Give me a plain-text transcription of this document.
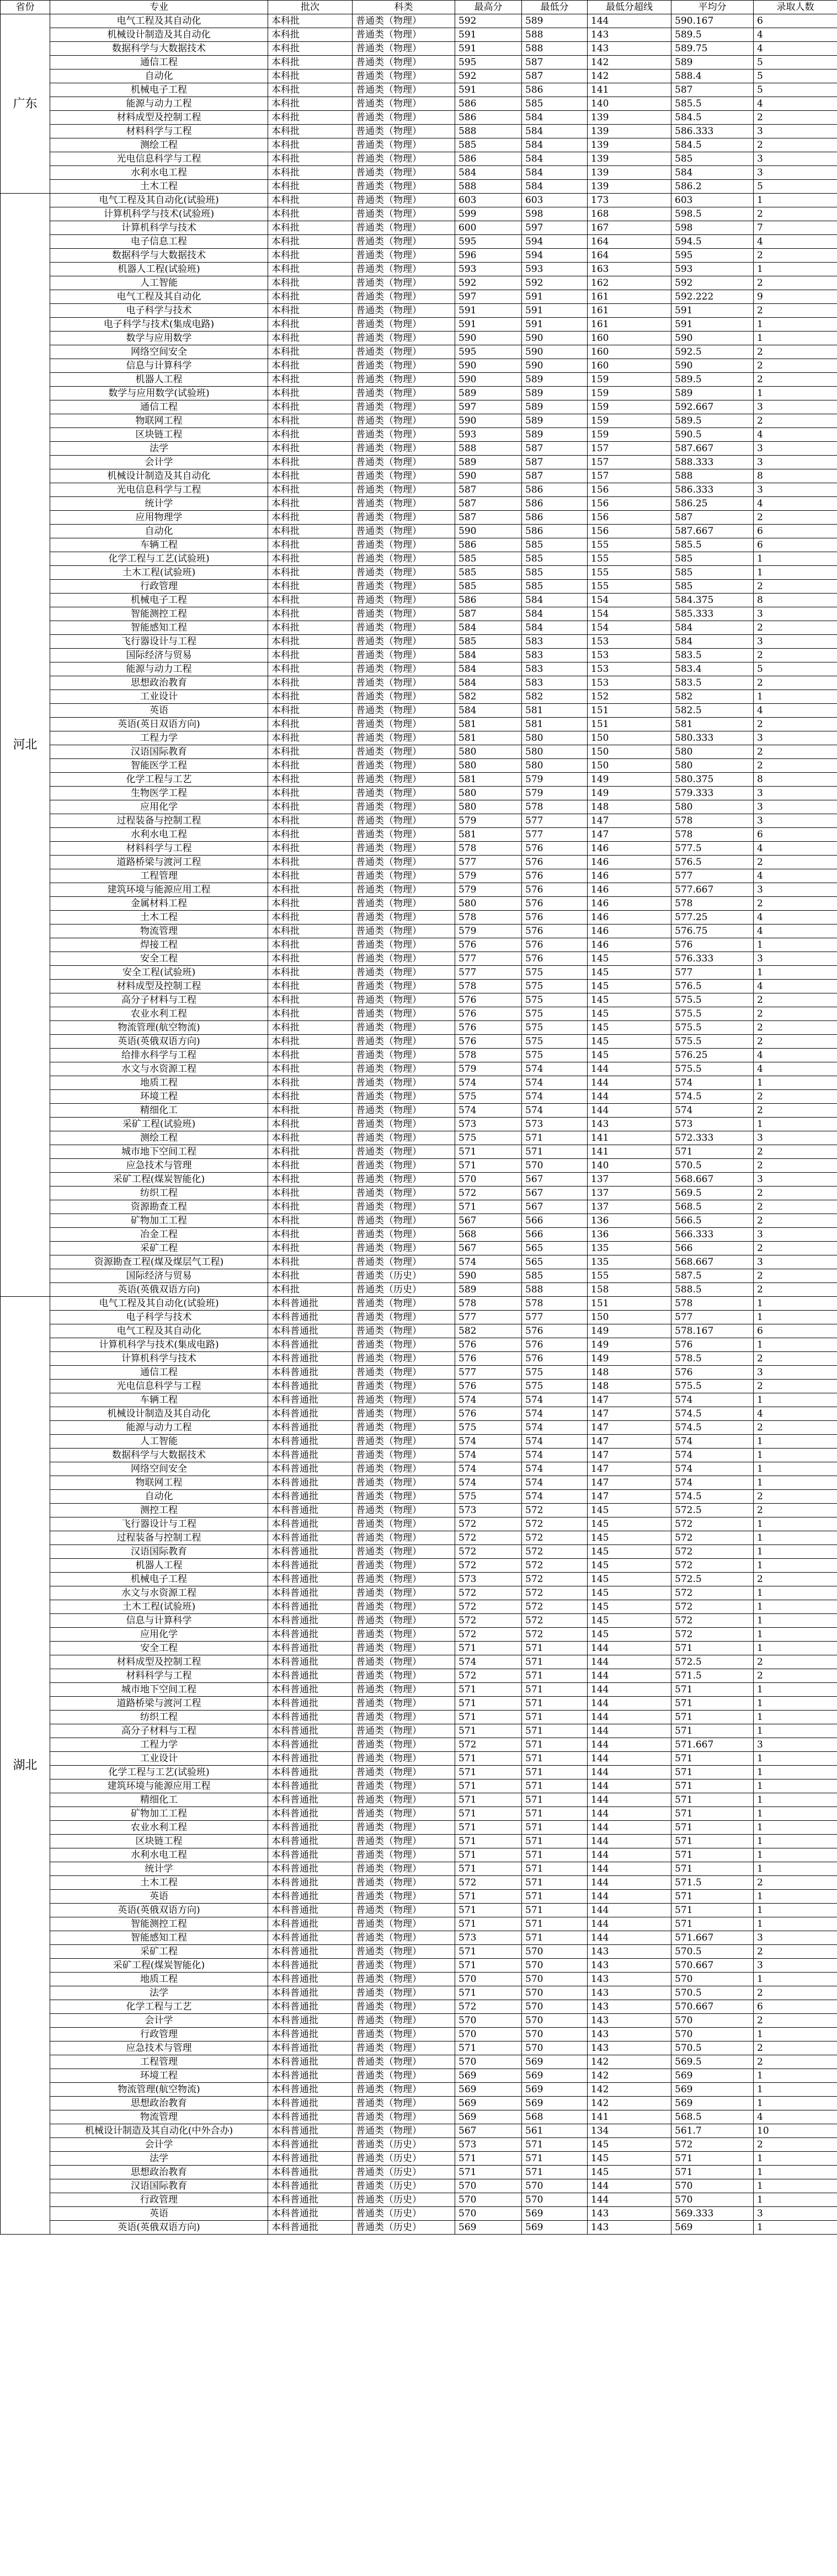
省份	专业	批次	科类	最高分	最低分	最低分超线	平均分	录取人数
广东	电气工程及其自动化	本科批	普通类（物理）	592	589	144	590.167	6
	机械设计制造及其自动化	本科批	普通类（物理）	591	588	143	589.5	4
	数据科学与大数据技术	本科批	普通类（物理）	591	588	143	589.75	4
	通信工程	本科批	普通类（物理）	595	587	142	589	5
	自动化	本科批	普通类（物理）	592	587	142	588.4	5
	机械电子工程	本科批	普通类（物理）	591	586	141	587	5
	能源与动力工程	本科批	普通类（物理）	586	585	140	585.5	4
	材料成型及控制工程	本科批	普通类（物理）	586	584	139	584.5	2
	材料科学与工程	本科批	普通类（物理）	588	584	139	586.333	3
	测绘工程	本科批	普通类（物理）	585	584	139	584.5	2
	光电信息科学与工程	本科批	普通类（物理）	586	584	139	585	3
	水利水电工程	本科批	普通类（物理）	584	584	139	584	3
	土木工程	本科批	普通类（物理）	588	584	139	586.2	5
河北	电气工程及其自动化(试验班)	本科批	普通类（物理）	603	603	173	603	1
	计算机科学与技术(试验班)	本科批	普通类（物理）	599	598	168	598.5	2
	计算机科学与技术	本科批	普通类（物理）	600	597	167	598	7
	电子信息工程	本科批	普通类（物理）	595	594	164	594.5	4
	数据科学与大数据技术	本科批	普通类（物理）	596	594	164	595	2
	机器人工程(试验班)	本科批	普通类（物理）	593	593	163	593	1
	人工智能	本科批	普通类（物理）	592	592	162	592	2
	电气工程及其自动化	本科批	普通类（物理）	597	591	161	592.222	9
	电子科学与技术	本科批	普通类（物理）	591	591	161	591	2
	电子科学与技术(集成电路)	本科批	普通类（物理）	591	591	161	591	1
	数学与应用数学	本科批	普通类（物理）	590	590	160	590	1
	网络空间安全	本科批	普通类（物理）	595	590	160	592.5	2
	信息与计算科学	本科批	普通类（物理）	590	590	160	590	2
	机器人工程	本科批	普通类（物理）	590	589	159	589.5	2
	数学与应用数学(试验班)	本科批	普通类（物理）	589	589	159	589	1
	通信工程	本科批	普通类（物理）	597	589	159	592.667	3
	物联网工程	本科批	普通类（物理）	590	589	159	589.5	2
	区块链工程	本科批	普通类（物理）	593	589	159	590.5	4
	法学	本科批	普通类（物理）	588	587	157	587.667	3
	会计学	本科批	普通类（物理）	589	587	157	588.333	3
	机械设计制造及其自动化	本科批	普通类（物理）	590	587	157	588	8
	光电信息科学与工程	本科批	普通类（物理）	587	586	156	586.333	3
	统计学	本科批	普通类（物理）	587	586	156	586.25	4
	应用物理学	本科批	普通类（物理）	587	586	156	587	2
	自动化	本科批	普通类（物理）	590	586	156	587.667	6
	车辆工程	本科批	普通类（物理）	586	585	155	585.5	6
	化学工程与工艺(试验班)	本科批	普通类（物理）	585	585	155	585	1
	土木工程(试验班)	本科批	普通类（物理）	585	585	155	585	1
	行政管理	本科批	普通类（物理）	585	585	155	585	2
	机械电子工程	本科批	普通类（物理）	586	584	154	584.375	8
	智能测控工程	本科批	普通类（物理）	587	584	154	585.333	3
	智能感知工程	本科批	普通类（物理）	584	584	154	584	2
	飞行器设计与工程	本科批	普通类（物理）	585	583	153	584	3
	国际经济与贸易	本科批	普通类（物理）	584	583	153	583.5	2
	能源与动力工程	本科批	普通类（物理）	584	583	153	583.4	5
	思想政治教育	本科批	普通类（物理）	584	583	153	583.5	2
	工业设计	本科批	普通类（物理）	582	582	152	582	1
	英语	本科批	普通类（物理）	584	581	151	582.5	4
	英语(英日双语方向)	本科批	普通类（物理）	581	581	151	581	2
	工程力学	本科批	普通类（物理）	581	580	150	580.333	3
	汉语国际教育	本科批	普通类（物理）	580	580	150	580	2
	智能医学工程	本科批	普通类（物理）	580	580	150	580	2
	化学工程与工艺	本科批	普通类（物理）	581	579	149	580.375	8
	生物医学工程	本科批	普通类（物理）	580	579	149	579.333	3
	应用化学	本科批	普通类（物理）	580	578	148	580	3
	过程装备与控制工程	本科批	普通类（物理）	579	577	147	578	3
	水利水电工程	本科批	普通类（物理）	581	577	147	578	6
	材料科学与工程	本科批	普通类（物理）	578	576	146	577.5	4
	道路桥梁与渡河工程	本科批	普通类（物理）	577	576	146	576.5	2
	工程管理	本科批	普通类（物理）	579	576	146	577	4
	建筑环境与能源应用工程	本科批	普通类（物理）	579	576	146	577.667	3
	金属材料工程	本科批	普通类（物理）	580	576	146	578	2
	土木工程	本科批	普通类（物理）	578	576	146	577.25	4
	物流管理	本科批	普通类（物理）	579	576	146	576.75	4
	焊接工程	本科批	普通类（物理）	576	576	146	576	1
	安全工程	本科批	普通类（物理）	577	576	145	576.333	3
	安全工程(试验班)	本科批	普通类（物理）	577	575	145	577	1
	材料成型及控制工程	本科批	普通类（物理）	578	575	145	576.5	4
	高分子材料与工程	本科批	普通类（物理）	576	575	145	575.5	2
	农业水利工程	本科批	普通类（物理）	576	575	145	575.5	2
	物流管理(航空物流)	本科批	普通类（物理）	576	575	145	575.5	2
	英语(英俄双语方向)	本科批	普通类（物理）	576	575	145	575.5	2
	给排水科学与工程	本科批	普通类（物理）	578	575	145	576.25	4
	水文与水资源工程	本科批	普通类（物理）	579	574	144	575.5	4
	地质工程	本科批	普通类（物理）	574	574	144	574	1
	环境工程	本科批	普通类（物理）	575	574	144	574.5	2
	精细化工	本科批	普通类（物理）	574	574	144	574	2
	采矿工程(试验班)	本科批	普通类（物理）	573	573	143	573	1
	测绘工程	本科批	普通类（物理）	575	571	141	572.333	3
	城市地下空间工程	本科批	普通类（物理）	571	571	141	571	2
	应急技术与管理	本科批	普通类（物理）	571	570	140	570.5	2
	采矿工程(煤炭智能化)	本科批	普通类（物理）	570	567	137	568.667	3
	纺织工程	本科批	普通类（物理）	572	567	137	569.5	2
	资源勘查工程	本科批	普通类（物理）	571	567	137	568.5	2
	矿物加工工程	本科批	普通类（物理）	567	566	136	566.5	2
	冶金工程	本科批	普通类（物理）	568	566	136	566.333	3
	采矿工程	本科批	普通类（物理）	567	565	135	566	2
	资源勘查工程(煤及煤层气工程)	本科批	普通类（物理）	574	565	135	568.667	3
	国际经济与贸易	本科批	普通类（历史）	590	585	155	587.5	2
	英语(英俄双语方向)	本科批	普通类（历史）	589	588	158	588.5	2
湖北	电气工程及其自动化(试验班)	本科普通批	普通类（物理）	578	578	151	578	1
	电子科学与技术	本科普通批	普通类（物理）	577	577	150	577	1
	电气工程及其自动化	本科普通批	普通类（物理）	582	576	149	578.167	6
	计算机科学与技术(集成电路)	本科普通批	普通类（物理）	576	576	149	576	1
	计算机科学与技术	本科普通批	普通类（物理）	576	576	149	578.5	2
	通信工程	本科普通批	普通类（物理）	577	575	148	576	3
	光电信息科学与工程	本科普通批	普通类（物理）	576	575	148	575.5	2
	车辆工程	本科普通批	普通类（物理）	574	574	147	574	1
	机械设计制造及其自动化	本科普通批	普通类（物理）	576	574	147	574.5	4
	能源与动力工程	本科普通批	普通类（物理）	575	574	147	574.5	2
	人工智能	本科普通批	普通类（物理）	574	574	147	574	1
	数据科学与大数据技术	本科普通批	普通类（物理）	574	574	147	574	1
	网络空间安全	本科普通批	普通类（物理）	574	574	147	574	1
	物联网工程	本科普通批	普通类（物理）	574	574	147	574	1
	自动化	本科普通批	普通类（物理）	575	574	147	574.5	2
	测控工程	本科普通批	普通类（物理）	573	572	145	572.5	2
	飞行器设计与工程	本科普通批	普通类（物理）	572	572	145	572	1
	过程装备与控制工程	本科普通批	普通类（物理）	572	572	145	572	1
	汉语国际教育	本科普通批	普通类（物理）	572	572	145	572	1
	机器人工程	本科普通批	普通类（物理）	572	572	145	572	1
	机械电子工程	本科普通批	普通类（物理）	573	572	145	572.5	2
	水文与水资源工程	本科普通批	普通类（物理）	572	572	145	572	1
	土木工程(试验班)	本科普通批	普通类（物理）	572	572	145	572	1
	信息与计算科学	本科普通批	普通类（物理）	572	572	145	572	1
	应用化学	本科普通批	普通类（物理）	572	572	145	572	1
	安全工程	本科普通批	普通类（物理）	571	571	144	571	1
	材料成型及控制工程	本科普通批	普通类（物理）	574	571	144	572.5	2
	材料科学与工程	本科普通批	普通类（物理）	572	571	144	571.5	2
	城市地下空间工程	本科普通批	普通类（物理）	571	571	144	571	1
	道路桥梁与渡河工程	本科普通批	普通类（物理）	571	571	144	571	1
	纺织工程	本科普通批	普通类（物理）	571	571	144	571	1
	高分子材料与工程	本科普通批	普通类（物理）	571	571	144	571	1
	工程力学	本科普通批	普通类（物理）	572	571	144	571.667	3
	工业设计	本科普通批	普通类（物理）	571	571	144	571	1
	化学工程与工艺(试验班)	本科普通批	普通类（物理）	571	571	144	571	1
	建筑环境与能源应用工程	本科普通批	普通类（物理）	571	571	144	571	1
	精细化工	本科普通批	普通类（物理）	571	571	144	571	1
	矿物加工工程	本科普通批	普通类（物理）	571	571	144	571	1
	农业水利工程	本科普通批	普通类（物理）	571	571	144	571	1
	区块链工程	本科普通批	普通类（物理）	571	571	144	571	1
	水利水电工程	本科普通批	普通类（物理）	571	571	144	571	1
	统计学	本科普通批	普通类（物理）	571	571	144	571	1
	土木工程	本科普通批	普通类（物理）	572	571	144	571.5	2
	英语	本科普通批	普通类（物理）	571	571	144	571	1
	英语(英俄双语方向)	本科普通批	普通类（物理）	571	571	144	571	1
	智能测控工程	本科普通批	普通类（物理）	571	571	144	571	1
	智能感知工程	本科普通批	普通类（物理）	573	571	144	571.667	3
	采矿工程	本科普通批	普通类（物理）	571	570	143	570.5	2
	采矿工程(煤炭智能化)	本科普通批	普通类（物理）	571	570	143	570.667	3
	地质工程	本科普通批	普通类（物理）	570	570	143	570	1
	法学	本科普通批	普通类（物理）	571	570	143	570.5	2
	化学工程与工艺	本科普通批	普通类（物理）	572	570	143	570.667	6
	会计学	本科普通批	普通类（物理）	570	570	143	570	2
	行政管理	本科普通批	普通类（物理）	570	570	143	570	1
	应急技术与管理	本科普通批	普通类（物理）	571	570	143	570.5	2
	工程管理	本科普通批	普通类（物理）	570	569	142	569.5	2
	环境工程	本科普通批	普通类（物理）	569	569	142	569	1
	物流管理(航空物流)	本科普通批	普通类（物理）	569	569	142	569	1
	思想政治教育	本科普通批	普通类（物理）	569	569	142	569	1
	物流管理	本科普通批	普通类（物理）	569	568	141	568.5	4
	机械设计制造及其自动化(中外合办)	本科普通批	普通类（物理）	567	561	134	561.7	10
	会计学	本科普通批	普通类（历史）	573	571	145	572	2
	法学	本科普通批	普通类（历史）	571	571	145	571	1
	思想政治教育	本科普通批	普通类（历史）	571	571	145	571	1
	汉语国际教育	本科普通批	普通类（历史）	570	570	144	570	1
	行政管理	本科普通批	普通类（历史）	570	570	144	570	1
	英语	本科普通批	普通类（历史）	570	569	143	569.333	3
	英语(英俄双语方向)	本科普通批	普通类（历史）	569	569	143	569	1
